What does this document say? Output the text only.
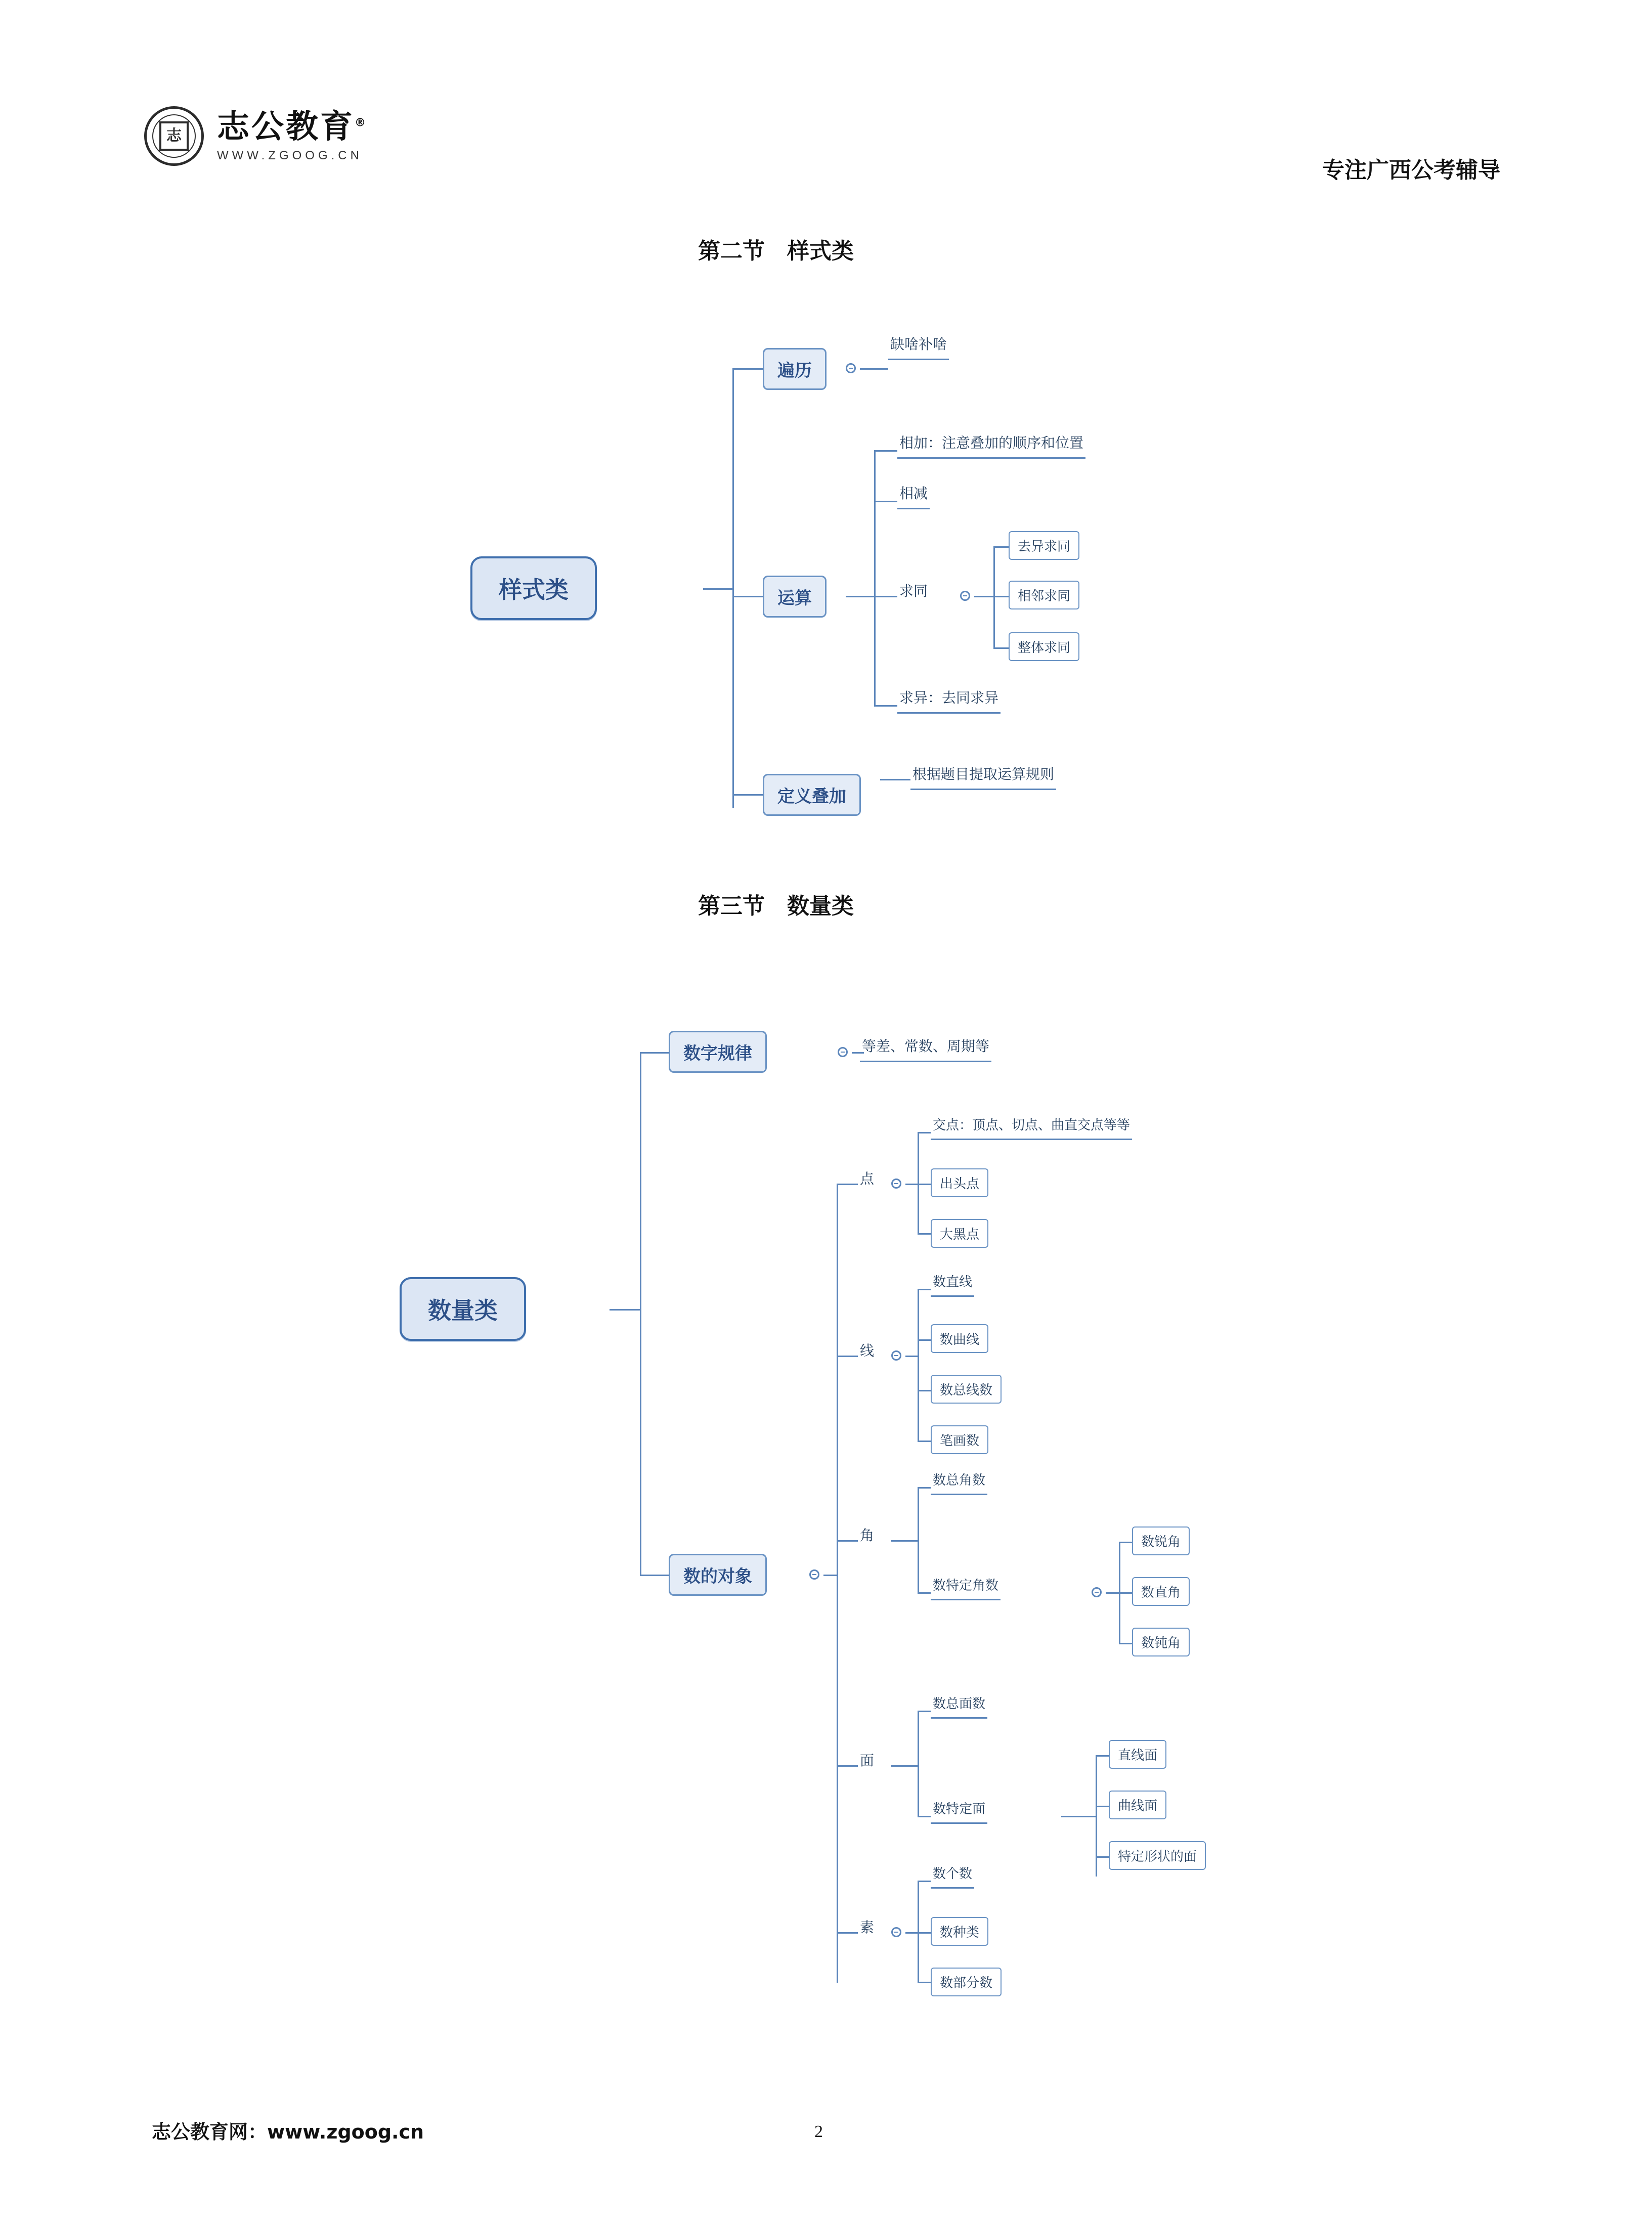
志 志公教育®
WWW.ZGOOG.CN
专注广西公考辅导
第二节　样式类
样式类
遍历
缺啥补啥
运算
相加：注意叠加的顺序和位置
相减
求同
求异：去同求异
去异求同
相邻求同
整体求同
定义叠加
根据题目提取运算规则
第三节　数量类
数量类
数字规律	等差、常数、周期等
数的对象
点
交点：顶点、切点、曲直交点等等
出头点
大黑点
线
数直线
数曲线
数总线数
笔画数
角
数总角数
数特定角数
数锐角
数直角
数钝角
面
数总面数
数特定面
直线面
曲线面
特定形状的面
素
数个数
数种类
数部分数
志公教育网：www.zgoog.cn	2
